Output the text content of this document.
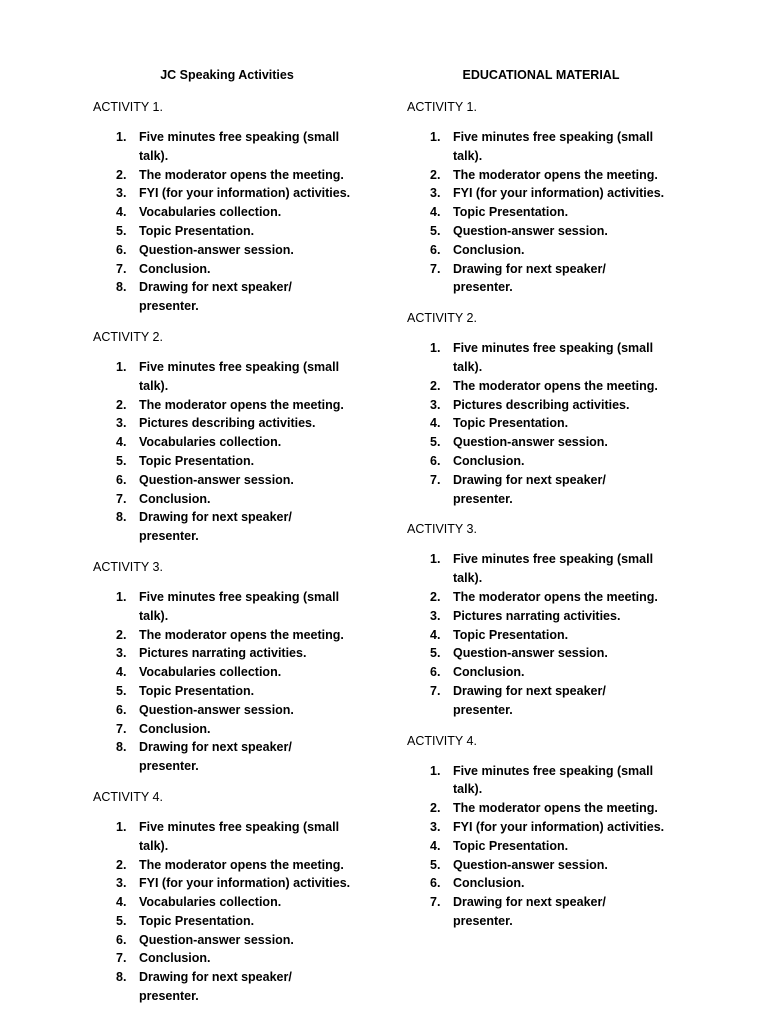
JC Speaking Activities
ACTIVITY 1.
1.	Five minutes free speaking (small talk).
2.	The moderator opens the meeting.
3.	FYI (for your information) activities.
4.	Vocabularies collection.
5.	Topic Presentation.
6.	Question-answer session.
7.	Conclusion.
8.	Drawing for next speaker/ presenter.
ACTIVITY 2.
1.	Five minutes free speaking (small talk).
2.	The moderator opens the meeting.
3.	Pictures describing activities.
4.	Vocabularies collection.
5.	Topic Presentation.
6.	Question-answer session.
7.	Conclusion.
8.	Drawing for next speaker/ presenter.
ACTIVITY 3.
1.	Five minutes free speaking (small talk).
2.	The moderator opens the meeting.
3.	Pictures narrating activities.
4.	Vocabularies collection.
5.	Topic Presentation.
6.	Question-answer session.
7.	Conclusion.
8.	Drawing for next speaker/ presenter.
ACTIVITY 4.
1.	Five minutes free speaking (small talk).
2.	The moderator opens the meeting.
3.	FYI (for your information) activities.
4.	Vocabularies collection.
5.	Topic Presentation.
6.	Question-answer session.
7.	Conclusion.
8.	Drawing for next speaker/ presenter.
EDUCATIONAL MATERIAL
ACTIVITY 1.
1.	Five minutes free speaking (small talk).
2.	The moderator opens the meeting.
3.	FYI (for your information) activities.
4.	Topic Presentation.
5.	Question-answer session.
6.	Conclusion.
7.	Drawing for next speaker/ presenter.
ACTIVITY 2.
1.	Five minutes free speaking (small talk).
2.	The moderator opens the meeting.
3.	Pictures describing activities.
4.	Topic Presentation.
5.	Question-answer session.
6.	Conclusion.
7.	Drawing for next speaker/ presenter.
ACTIVITY 3.
1.	Five minutes free speaking (small talk).
2.	The moderator opens the meeting.
3.	Pictures narrating activities.
4.	Topic Presentation.
5.	Question-answer session.
6.	Conclusion.
7.	Drawing for next speaker/ presenter.
ACTIVITY 4.
1.	Five minutes free speaking (small talk).
2.	The moderator opens the meeting.
3.	FYI (for your information) activities.
4.	Topic Presentation.
5.	Question-answer session.
6.	Conclusion.
7.	Drawing for next speaker/ presenter.
